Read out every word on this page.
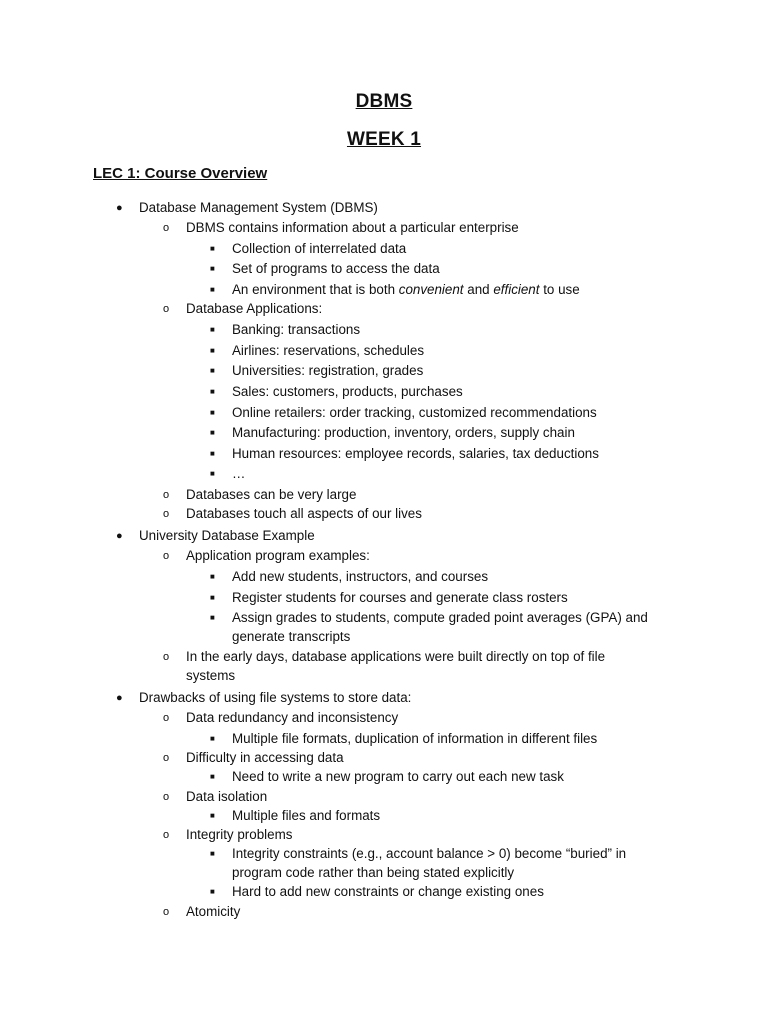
DBMS
WEEK 1
LEC 1: Course Overview
● Database Management System (DBMS)
o DBMS contains information about a particular enterprise
■ Collection of interrelated data
■ Set of programs to access the data
■ An environment that is both convenient and efficient to use
o Database Applications:
■ Banking: transactions
■ Airlines: reservations, schedules
■ Universities: registration, grades
■ Sales: customers, products, purchases
■ Online retailers: order tracking, customized recommendations
■ Manufacturing: production, inventory, orders, supply chain
■ Human resources: employee records, salaries, tax deductions
■ …
o Databases can be very large
o Databases touch all aspects of our lives
● University Database Example
o Application program examples:
■ Add new students, instructors, and courses
■ Register students for courses and generate class rosters
■ Assign grades to students, compute graded point averages (GPA) and
generate transcripts
o In the early days, database applications were built directly on top of file
systems
● Drawbacks of using file systems to store data:
o Data redundancy and inconsistency
■ Multiple file formats, duplication of information in different files
o Difficulty in accessing data
■ Need to write a new program to carry out each new task
o Data isolation
■ Multiple files and formats
o Integrity problems
■ Integrity constraints (e.g., account balance > 0) become “buried” in
program code rather than being stated explicitly
■ Hard to add new constraints or change existing ones
o Atomicity
